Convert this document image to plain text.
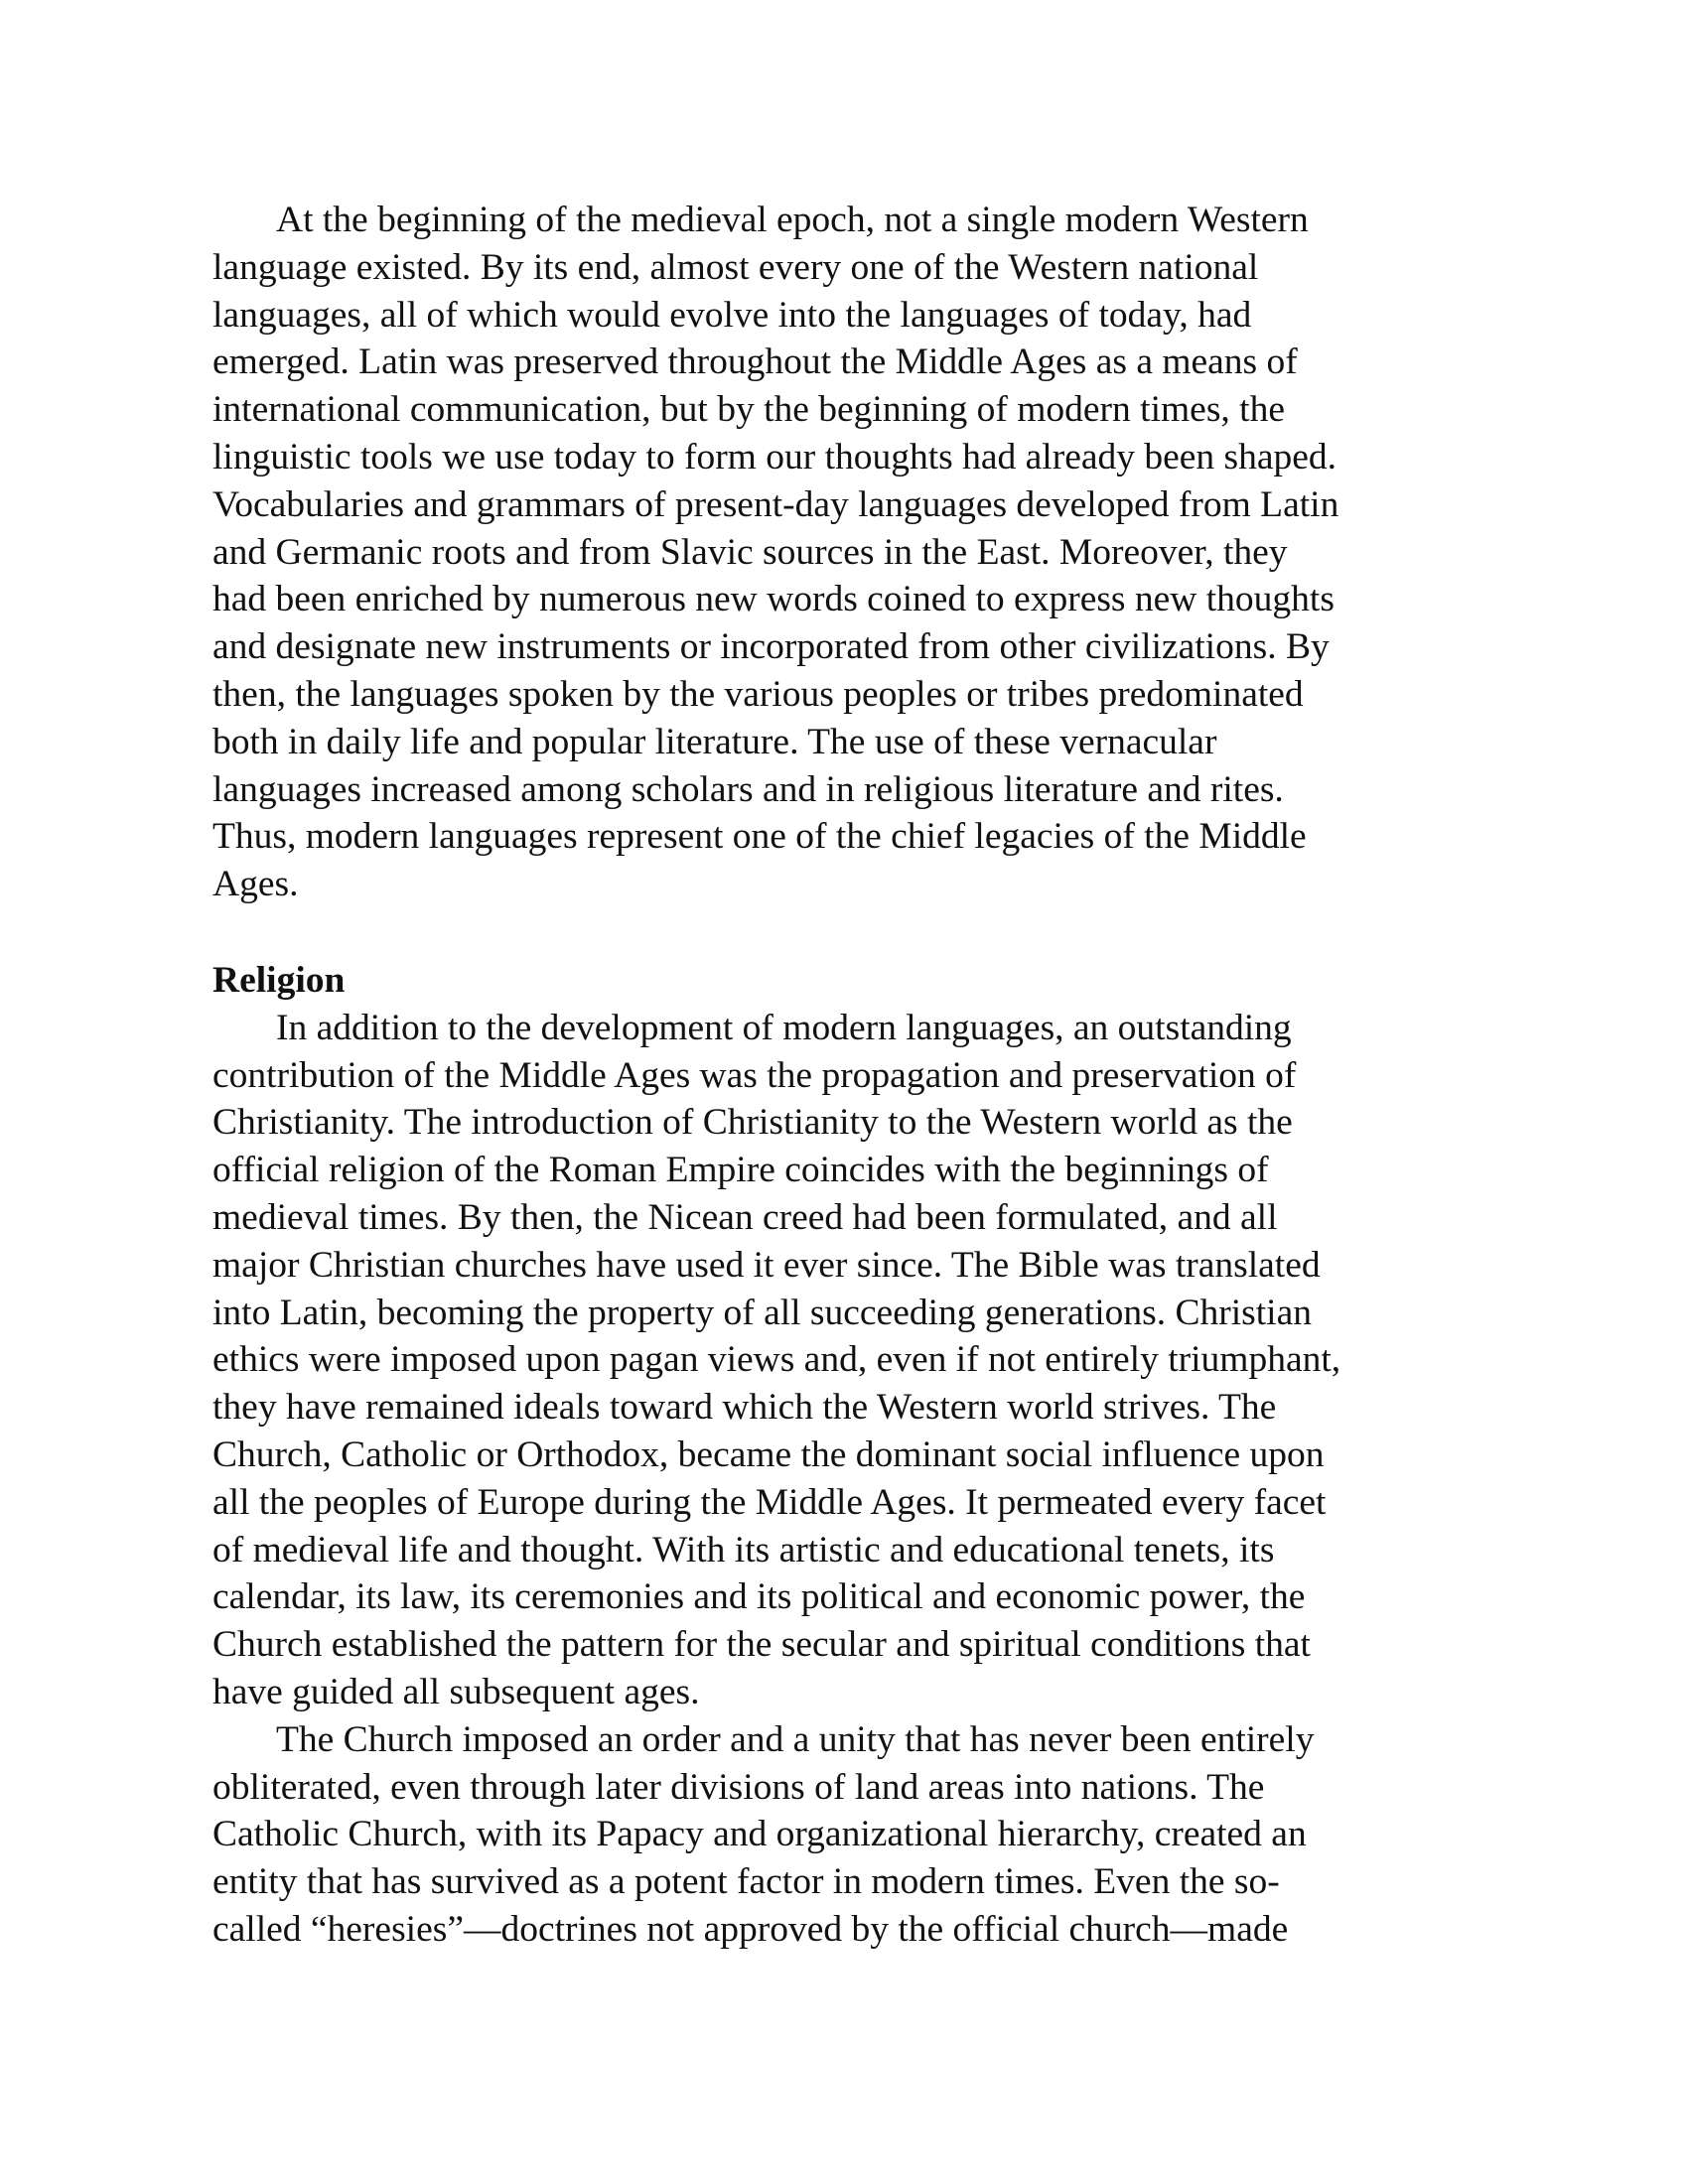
At the beginning of the medieval epoch, not a single modern Western
language existed. By its end, almost every one of the Western national
languages, all of which would evolve into the languages of today, had
emerged. Latin was preserved throughout the Middle Ages as a means of
international communication, but by the beginning of modern times, the
linguistic tools we use today to form our thoughts had already been shaped.
Vocabularies and grammars of present-day languages developed from Latin
and Germanic roots and from Slavic sources in the East. Moreover, they
had been enriched by numerous new words coined to express new thoughts
and designate new instruments or incorporated from other civilizations. By
then, the languages spoken by the various peoples or tribes predominated
both in daily life and popular literature. The use of these vernacular
languages increased among scholars and in religious literature and rites.
Thus, modern languages represent one of the chief legacies of the Middle
Ages.

Religion

In addition to the development of modern languages, an outstanding
contribution of the Middle Ages was the propagation and preservation of
Christianity. The introduction of Christianity to the Western world as the
official religion of the Roman Empire coincides with the beginnings of
medieval times. By then, the Nicean creed had been formulated, and all
major Christian churches have used it ever since. The Bible was translated
into Latin, becoming the property of all succeeding generations. Christian
ethics were imposed upon pagan views and, even if not entirely triumphant,
they have remained ideals toward which the Western world strives. The
Church, Catholic or Orthodox, became the dominant social influence upon
all the peoples of Europe during the Middle Ages. It permeated every facet
of medieval life and thought. With its artistic and educational tenets, its
calendar, its law, its ceremonies and its political and economic power, the
Church established the pattern for the secular and spiritual conditions that
have guided all subsequent ages.

The Church imposed an order and a unity that has never been entirely
obliterated, even through later divisions of land areas into nations. The
Catholic Church, with its Papacy and organizational hierarchy, created an
entity that has survived as a potent factor in modern times. Even the so-
called “heresies”—doctrines not approved by the official church—made
